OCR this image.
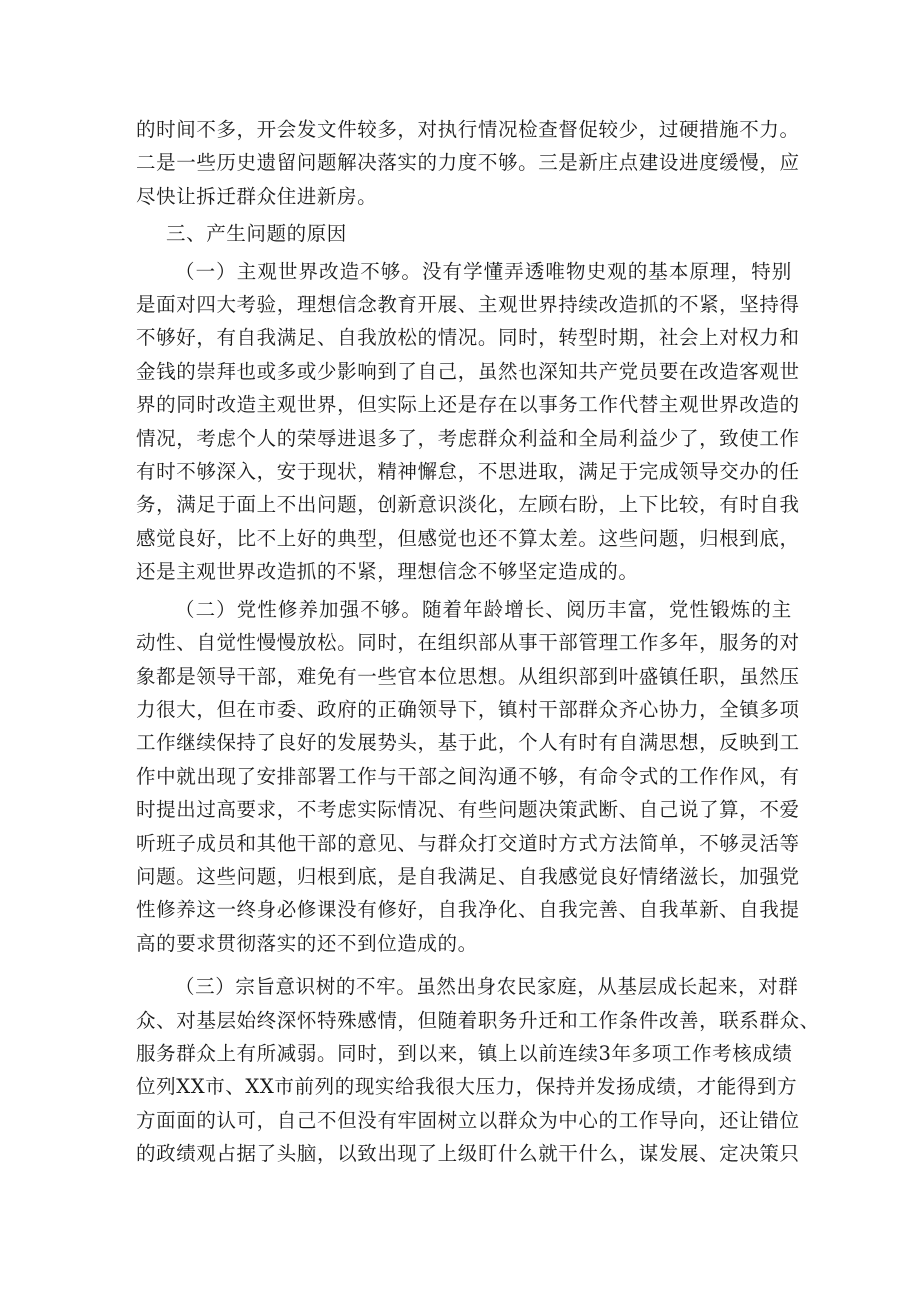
的 时 间 不 多 ， 开 会 发 文 件 较 多 ， 对 执 行 情 况 检 查 督 促 较 少 ， 过 硬 措 施 不 力 。
二 是 一 些 历 史 遗 留 问 题 解 决 落 实 的 力 度 不 够 。 三 是 新 庄 点 建 设 进 度 缓 慢 ， 应
尽快让拆迁群众住进新房。
三、产生问题的原因
（ 一 ） 主 观 世 界 改 造 不 够 。 没 有 学 懂 弄 透 唯 物 史 观 的 基 本 原 理 ， 特 别
是 面 对 四 大 考 验 ， 理 想 信 念 教 育 开 展 、 主 观 世 界 持 续 改 造 抓 的 不 紧 ， 坚 持 得
不 够 好 ， 有 自 我 满 足 、 自 我 放 松 的 情 况 。 同 时 ， 转 型 时 期 ， 社 会 上 对 权 力 和
金 钱 的 崇 拜 也 或 多 或 少 影 响 到 了 自 己 ， 虽 然 也 深 知 共 产 党 员 要 在 改 造 客 观 世
界 的 同 时 改 造 主 观 世 界 ， 但 实 际 上 还 是 存 在 以 事 务 工 作 代 替 主 观 世 界 改 造 的
情 况 ， 考 虑 个 人 的 荣 辱 进 退 多 了 ， 考 虑 群 众 利 益 和 全 局 利 益 少 了 ， 致 使 工 作
有 时 不 够 深 入 ， 安 于 现 状 ， 精 神 懈 怠 ， 不 思 进 取 ， 满 足 于 完 成 领 导 交 办 的 任
务 ， 满 足 于 面 上 不 出 问 题 ， 创 新 意 识 淡 化 ， 左 顾 右 盼 ， 上 下 比 较 ， 有 时 自 我
感 觉 良 好 ， 比 不 上 好 的 典 型 ， 但 感 觉 也 还 不 算 太 差 。 这 些 问 题 ， 归 根 到 底 ，
还是主观世界改造抓的不紧，理想信念不够坚定造成的。
（ 二 ） 党 性 修 养 加 强 不 够 。 随 着 年 龄 增 长 、 阅 历 丰 富 ， 党 性 锻 炼 的 主
动 性 、 自 觉 性 慢 慢 放 松 。 同 时 ， 在 组 织 部 从 事 干 部 管 理 工 作 多 年 ， 服 务 的 对
象 都 是 领 导 干 部 ， 难 免 有 一 些 官 本 位 思 想 。 从 组 织 部 到 叶 盛 镇 任 职 ， 虽 然 压
力 很 大 ， 但 在 市 委 、 政 府 的 正 确 领 导 下 ， 镇 村 干 部 群 众 齐 心 协 力 ， 全 镇 多 项
工 作 继 续 保 持 了 良 好 的 发 展 势 头 ， 基 于 此 ， 个 人 有 时 有 自 满 思 想 ， 反 映 到 工
作 中 就 出 现 了 安 排 部 署 工 作 与 干 部 之 间 沟 通 不 够 ， 有 命 令 式 的 工 作 作 风 ， 有
时 提 出 过 高 要 求 ， 不 考 虑 实 际 情 况 、 有 些 问 题 决 策 武 断 、 自 己 说 了 算 ， 不 爱
听 班 子 成 员 和 其 他 干 部 的 意 见 、 与 群 众 打 交 道 时 方 式 方 法 简 单 ， 不 够 灵 活 等
问 题 。 这 些 问 题 ， 归 根 到 底 ， 是 自 我 满 足 、 自 我 感 觉 良 好 情 绪 滋 长 ， 加 强 党
性 修 养 这 一 终 身 必 修 课 没 有 修 好 ， 自 我 净 化 、 自 我 完 善 、 自 我 革 新 、 自 我 提
高的要求贯彻落实的还不到位造成的。
（ 三 ） 宗 旨 意 识 树 的 不 牢 。 虽 然 出 身 农 民 家 庭 ， 从 基 层 成 长 起 来 ， 对 群
众 、 对 基 层 始 终 深 怀 特 殊 感 情 ， 但 随 着 职 务 升 迁 和 工 作 条 件 改 善 ， 联 系 群 众 、
服 务 群 众 上 有 所 减 弱 。 同 时 ， 到 以 来 ， 镇 上 以 前 连 续 3 年 多 项 工 作 考 核 成 绩
位 列 X X 市 、 X X 市 前 列 的 现 实 给 我 很 大 压 力 ， 保 持 并 发 扬 成 绩 ， 才 能 得 到 方
方 面 面 的 认 可 ， 自 己 不 但 没 有 牢 固 树 立 以 群 众 为 中 心 的 工 作 导 向 ， 还 让 错 位
的 政 绩 观 占 据 了 头 脑 ， 以 致 出 现 了 上 级 盯 什 么 就 干 什 么 ， 谋 发 展 、 定 决 策 只
